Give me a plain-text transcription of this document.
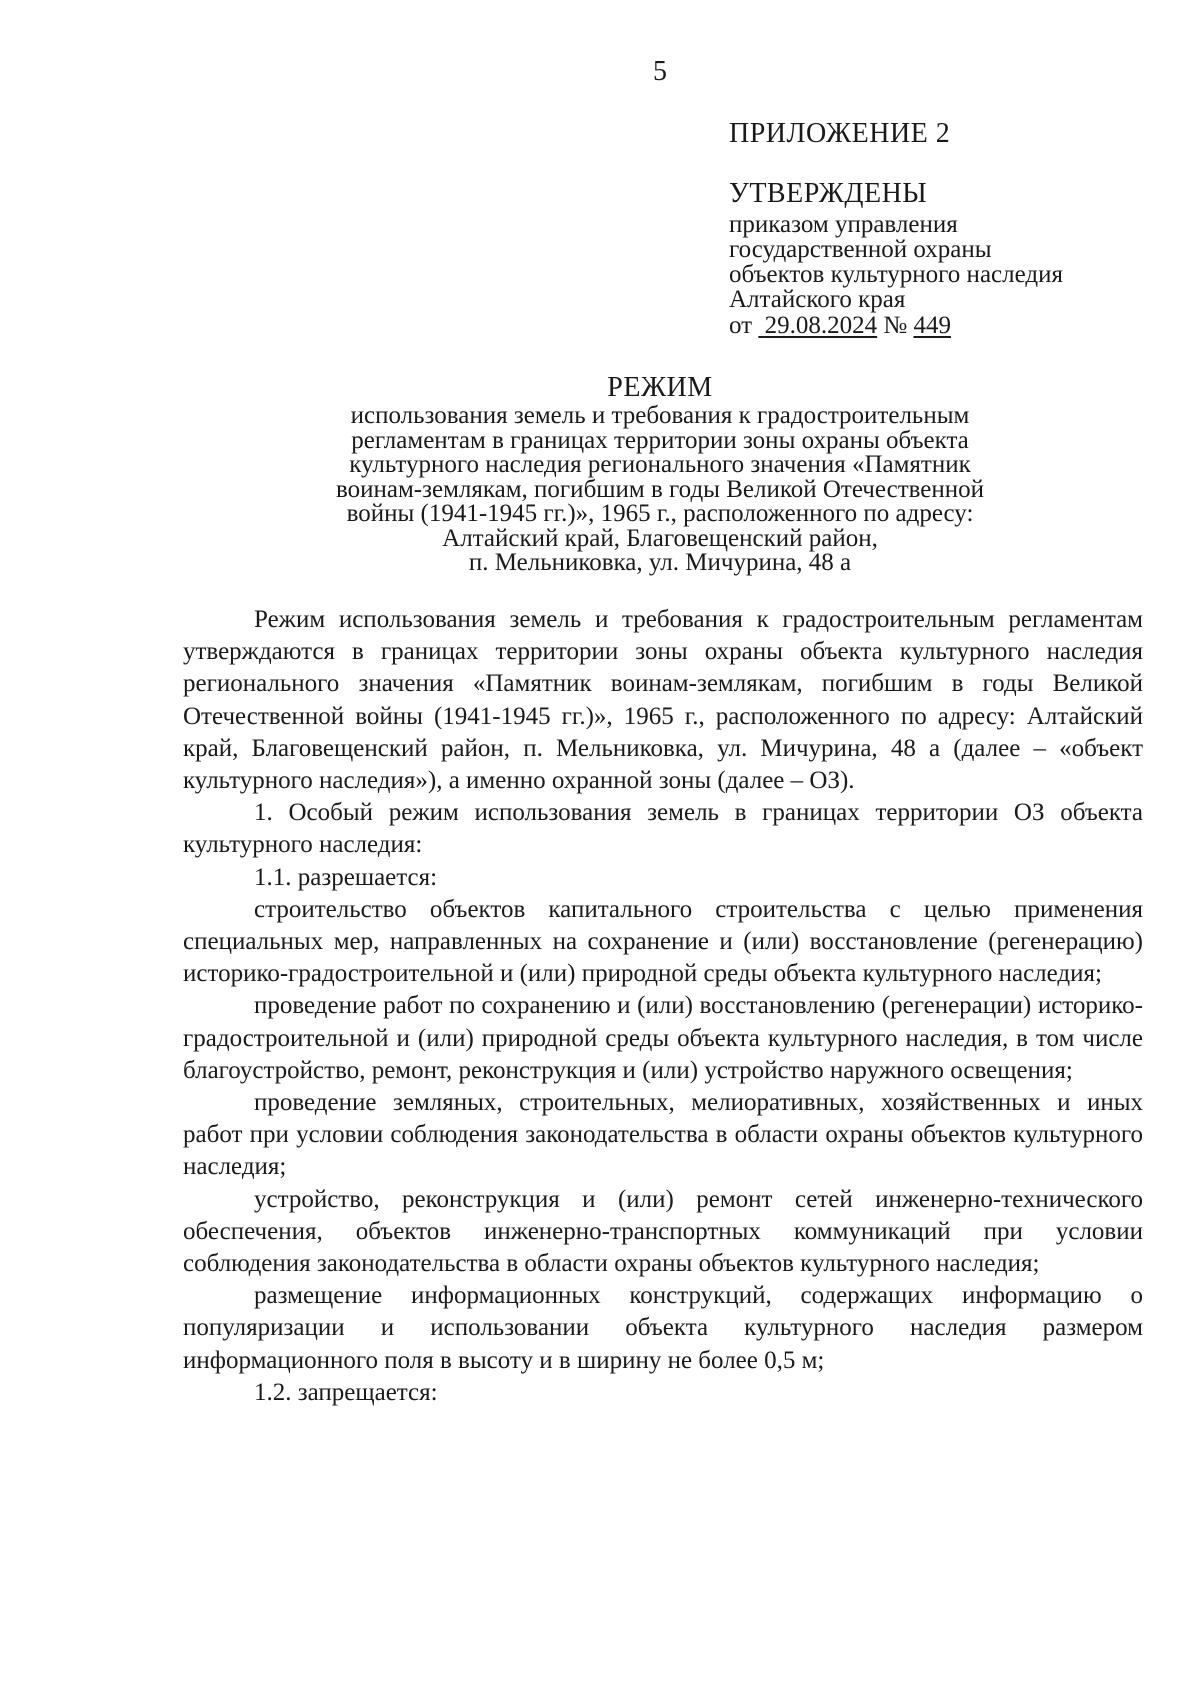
5
ПРИЛОЖЕНИЕ 2
УТВЕРЖДЕНЫ
приказом управления
государственной охраны
объектов культурного наследия
Алтайского края
от 29.08.2024 № 449
РЕЖИМ
использования земель и требования к градостроительным
регламентам в границах территории зоны охраны объекта
культурного наследия регионального значения «Памятник
воинам-землякам, погибшим в годы Великой Отечественной
войны (1941-1945 гг.)», 1965 г., расположенного по адресу:
Алтайский край, Благовещенский район,
п. Мельниковка, ул. Мичурина, 48 а

Режим использования земель и требования к градостроительным регламентам утверждаются в границах территории зоны охраны объекта культурного наследия регионального значения «Памятник воинам-землякам, погибшим в годы Великой Отечественной войны (1941-1945 гг.)», 1965 г., расположенного по адресу: Алтайский край, Благовещенский район, п. Мельниковка, ул. Мичурина, 48 а (далее – «объект культурного наследия»), а именно охранной зоны (далее – ОЗ).

1. Особый режим использования земель в границах территории ОЗ объекта культурного наследия:

1.1. разрешается:

строительство объектов капитального строительства с целью применения специальных мер, направленных на сохранение и (или) восстановление (регенерацию) историко-градостроительной и (или) природной среды объекта культурного наследия;

проведение работ по сохранению и (или) восстановлению (регенерации) историко-градостроительной и (или) природной среды объекта культурного наследия, в том числе благоустройство, ремонт, реконструкция и (или) устройство наружного освещения;

проведение земляных, строительных, мелиоративных, хозяйственных и иных работ при условии соблюдения законодательства в области охраны объектов культурного наследия;

устройство, реконструкция и (или) ремонт сетей инженерно-технического обеспечения, объектов инженерно-транспортных коммуникаций при условии соблюдения законодательства в области охраны объектов культурного наследия;

размещение информационных конструкций, содержащих информацию о популяризации и использовании объекта культурного наследия размером информационного поля в высоту и в ширину не более 0,5 м;

1.2. запрещается:
